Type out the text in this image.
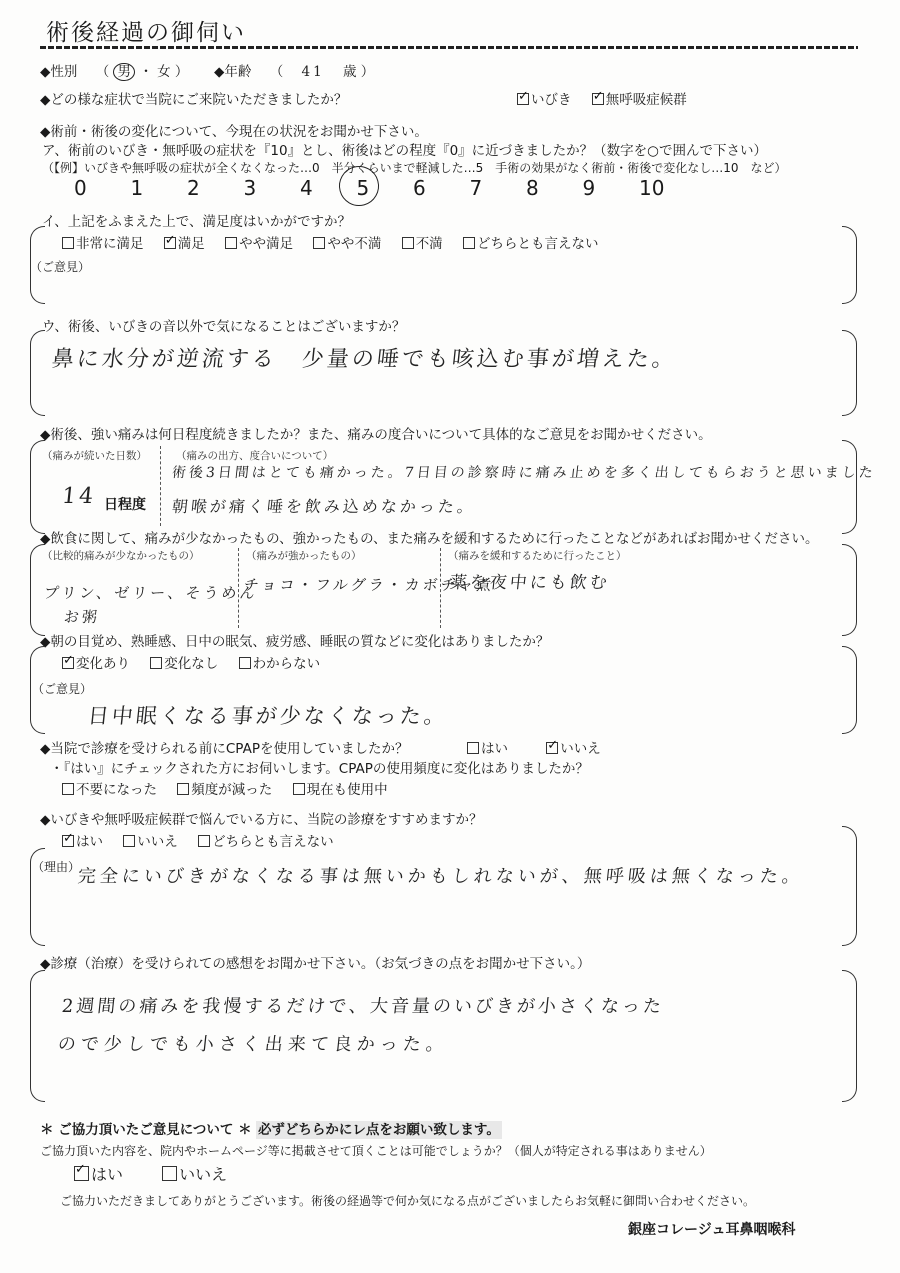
術後経過の御伺い
◆性別 （ 男 ・ 女 ） ◆年齢 （ 41 歳 ）
◆どの様な症状で当院にご来院いただきましたか？ ✓	いびき ✓	無呼吸症候群
◆術前・術後の変化について、今現在の状況をお聞かせ下さい。
ア、術前のいびき・無呼吸の症状を『10』とし、術後はどの程度『0』に近づきましたか？（数字を○で囲んで下さい）
（【例】いびきや無呼吸の症状が全くなくなった…0　半分くらいまで軽減した…5　手術の効果がなく術前・術後で変化なし…10　など）
0 1 2 3 4 5 6 7 8 9 10
イ、上記をふまえた上で、満足度はいかがですか？
非常に満足 ✓	満足	やや満足	やや不満	不満	どちらとも言えない
（ご意見）
ウ、術後、いびきの音以外で気になることはございますか？
鼻に水分が逆流する　少量の唾でも咳込む事が増えた。
◆術後、強い痛みは何日程度続きましたか？また、痛みの度合いについて具体的なご意見をお聞かせください。
（痛みが続いた日数）
14 日程度
（痛みの出方、度合いについて）
術後3日間はとても痛かった。7日目の診察時に痛み止めを多く出してもらおうと思いました
朝喉が痛く唾を飲み込めなかった。
◆飲食に関して、痛みが少なかったもの、強かったもの、また痛みを緩和するために行ったことなどがあればお聞かせください。
（比較的痛みが少なかったもの）
プリン、ゼリー、そうめん
お粥
（痛みが強かったもの）
チョコ・フルグラ・カボチャ煮
（痛みを緩和するために行ったこと）
薬を夜中にも飲む
◆朝の目覚め、熟睡感、日中の眠気、疲労感、睡眠の質などに変化はありましたか？
✓変化あり	変化なし	わからない
（ご意見）
日中眠くなる事が少なくなった。
◆当院で診療を受けられる前にCPAPを使用していましたか？	はい ✓	いいえ
・『はい』にチェックされた方にお伺いします。CPAPの使用頻度に変化はありましたか？
不要になった	頻度が減った	現在も使用中
◆いびきや無呼吸症候群で悩んでいる方に、当院の診療をすすめますか？
✓はい	いいえ	どちらとも言えない
（理由）
完全にいびきがなくなる事は無いかもしれないが、無呼吸は無くなった。
◆診療（治療）を受けられての感想をお聞かせ下さい。（お気づきの点をお聞かせ下さい。）
2週間の痛みを我慢するだけで、大音量のいびきが小さくなった
ので少しでも小さく出来て良かった。
＊ ご協力頂いたご意見について ＊ 必ずどちらかにレ点をお願い致します。
ご協力頂いた内容を、院内やホームページ等に掲載させて頂くことは可能でしょうか？（個人が特定される事はありません）
✓はい	いいえ
ご協力いただきましてありがとうございます。術後の経過等で何か気になる点がございましたらお気軽に御問い合わせください。
銀座コレージュ耳鼻咽喉科
